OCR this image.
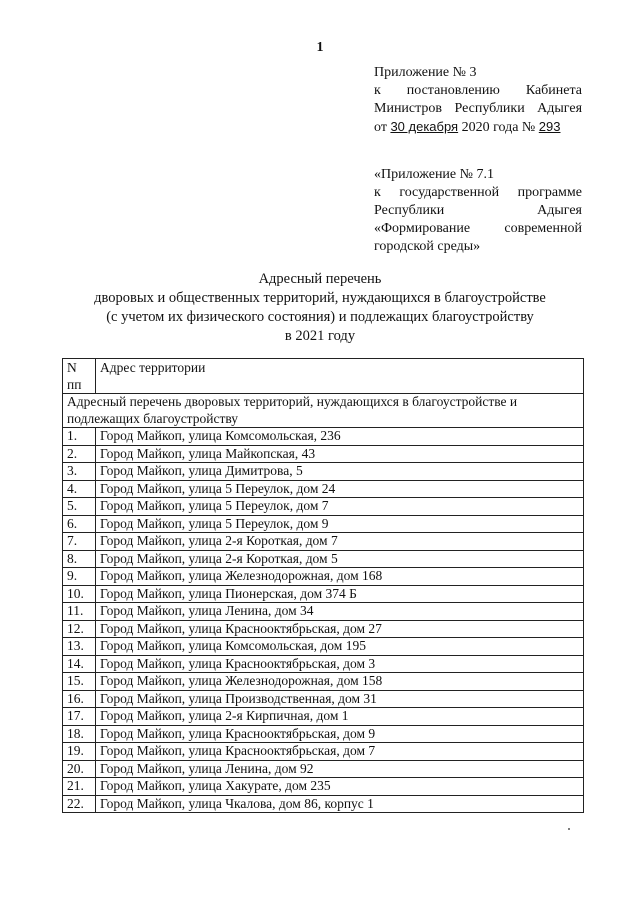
1
Приложение № 3
к постановлению Кабинета
Министров Республики Адыгея
от 30 декабря 2020 года № 293
«Приложение № 7.1
к государственной программе
Республики Адыгея
«Формирование современной
городской среды»
Адресный перечень
дворовых и общественных территорий, нуждающихся в благоустройстве
(с учетом их физического состояния) и подлежащих благоустройству
в 2021 году
N
пп	Адрес территории

Адресный перечень дворовых территорий, нуждающихся в благоустройстве и
подлежащих благоустройству	

1.	Город Майкоп, улица Комсомольская, 236
2.	Город Майкоп, улица Майкопская, 43
3.	Город Майкоп, улица Димитрова, 5
4.	Город Майкоп, улица 5 Переулок, дом 24
5.	Город Майкоп, улица 5 Переулок, дом 7
6.	Город Майкоп, улица 5 Переулок, дом 9
7.	Город Майкоп, улица 2-я Короткая, дом 7
8.	Город Майкоп, улица 2-я Короткая, дом 5
9.	Город Майкоп, улица Железнодорожная, дом 168
10.	Город Майкоп, улица Пионерская, дом 374 Б
11.	Город Майкоп, улица Ленина, дом 34
12.	Город Майкоп, улица Краснооктябрьская, дом 27
13.	Город Майкоп, улица Комсомольская, дом 195
14.	Город Майкоп, улица Краснооктябрьская, дом 3
15.	Город Майкоп, улица Железнодорожная, дом 158
16.	Город Майкоп, улица Производственная, дом 31
17.	Город Майкоп, улица 2-я Кирпичная, дом 1
18.	Город Майкоп, улица Краснооктябрьская, дом 9
19.	Город Майкоп, улица Краснооктябрьская, дом 7
20.	Город Майкоп, улица Ленина, дом 92
21.	Город Майкоп, улица Хакурате, дом 235
22.	Город Майкоп, улица Чкалова, дом 86, корпус 1
